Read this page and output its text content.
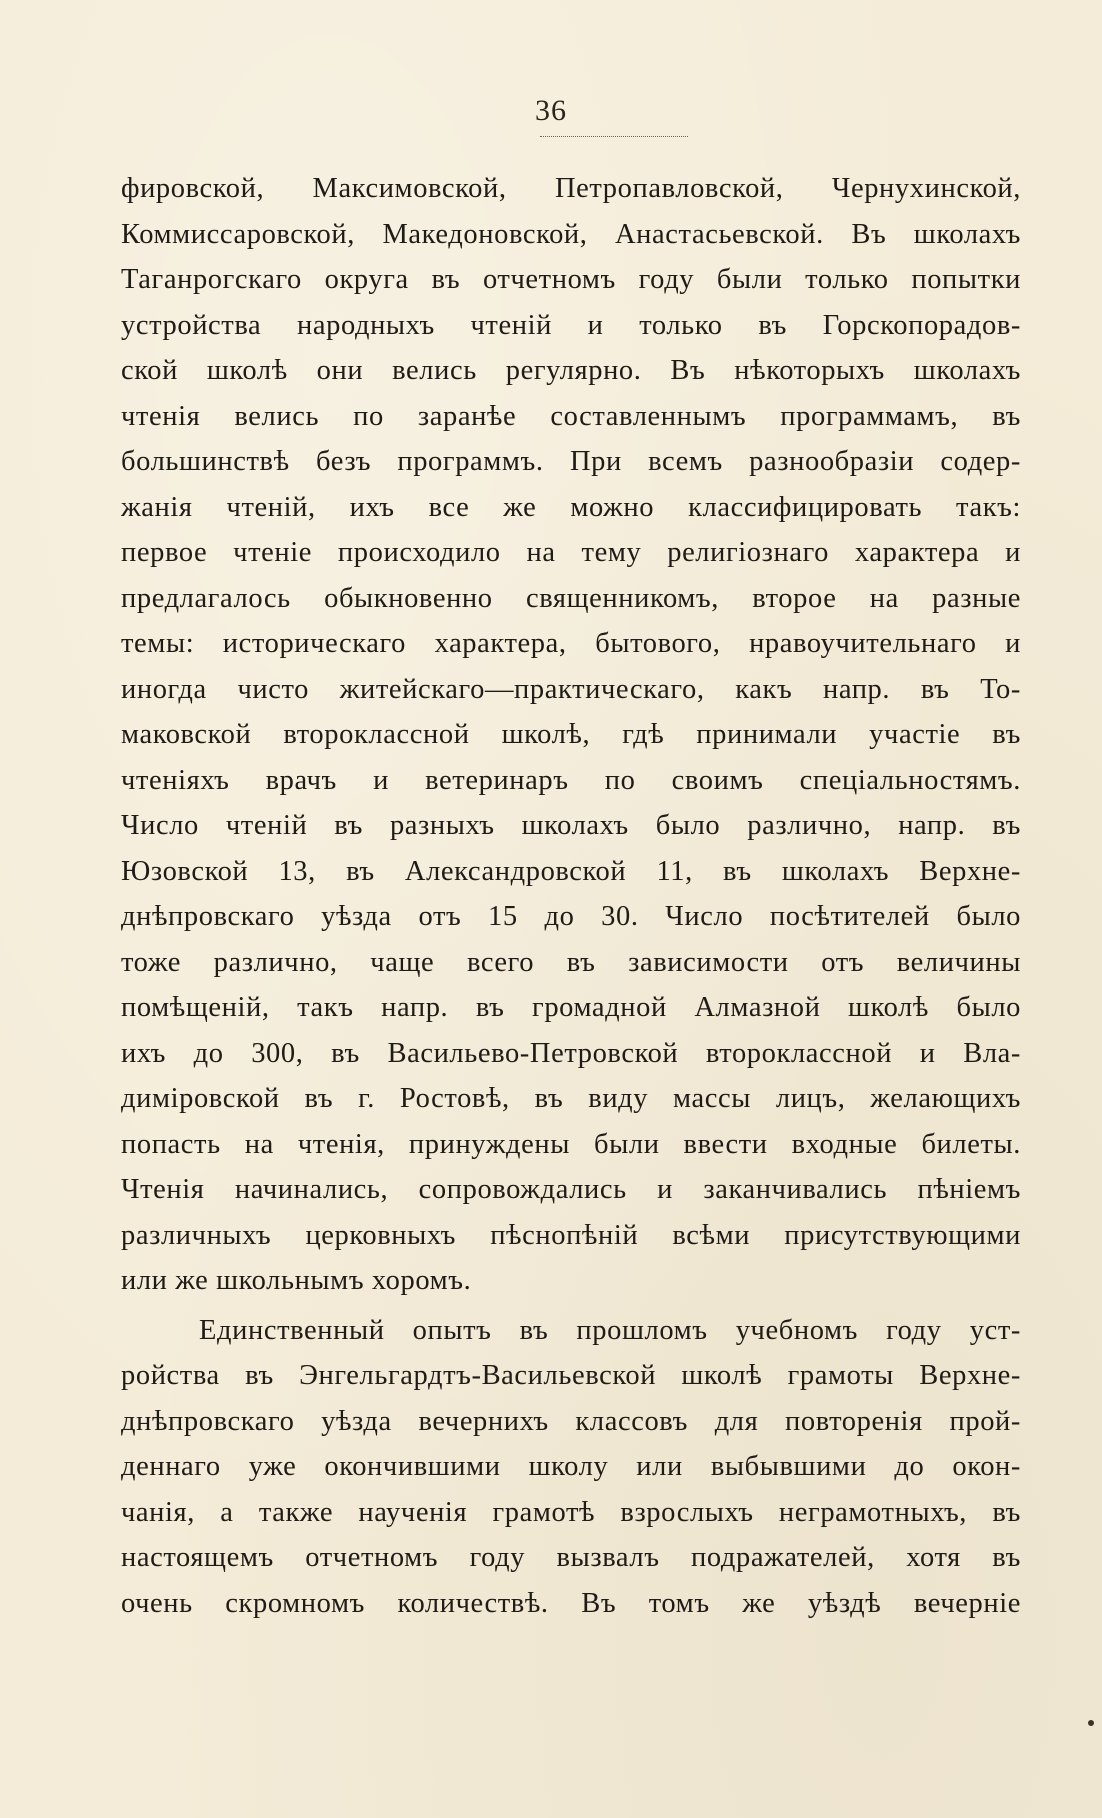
36
фировской, Максимовской, Петропавловской, Чернухинской,
Коммиссаровской, Македоновской, Анастасьевской. Въ школахъ
Таганрогскаго округа въ отчетномъ году были только попытки
устройства народныхъ чтеній и только въ Горскопорадов-
ской школѣ они велись регулярно. Въ нѣкоторыхъ школахъ
чтенія велись по заранѣе составленнымъ программамъ, въ
большинствѣ безъ программъ. При всемъ разнообразіи содер-
жанія чтеній, ихъ все же можно классифицировать такъ:
первое чтеніе происходило на тему религіознаго характера и
предлагалось обыкновенно священникомъ, второе на разные
темы: историческаго характера, бытового, нравоучительнаго и
иногда чисто житейскаго—практическаго, какъ напр. въ То-
маковской второклассной школѣ, гдѣ принимали участіе въ
чтеніяхъ врачъ и ветеринаръ по своимъ спеціальностямъ.
Число чтеній въ разныхъ школахъ было различно, напр. въ
Юзовской 13, въ Александровской 11, въ школахъ Верхне-
днѣпровскаго уѣзда отъ 15 до 30. Число посѣтителей было
тоже различно, чаще всего въ зависимости отъ величины
помѣщеній, такъ напр. въ громадной Алмазной школѣ было
ихъ до 300, въ Васильево-Петровской второклассной и Вла-
диміровской въ г. Ростовѣ, въ виду массы лицъ, желающихъ
попасть на чтенія, принуждены были ввести входные билеты.
Чтенія начинались, сопровождались и заканчивались пѣніемъ
различныхъ церковныхъ пѣснопѣній всѣми присутствующими
или же школьнымъ хоромъ.
Единственный опытъ въ прошломъ учебномъ году уст-
ройства въ Энгельгардтъ-Васильевской школѣ грамоты Верхне-
днѣпровскаго уѣзда вечернихъ классовъ для повторенія прой-
деннаго уже окончившими школу или выбывшими до окон-
чанія, а также наученія грамотѣ взрослыхъ неграмотныхъ, въ
настоящемъ отчетномъ году вызвалъ подражателей, хотя въ
очень скромномъ количествѣ. Въ томъ же уѣздѣ вечерніе
